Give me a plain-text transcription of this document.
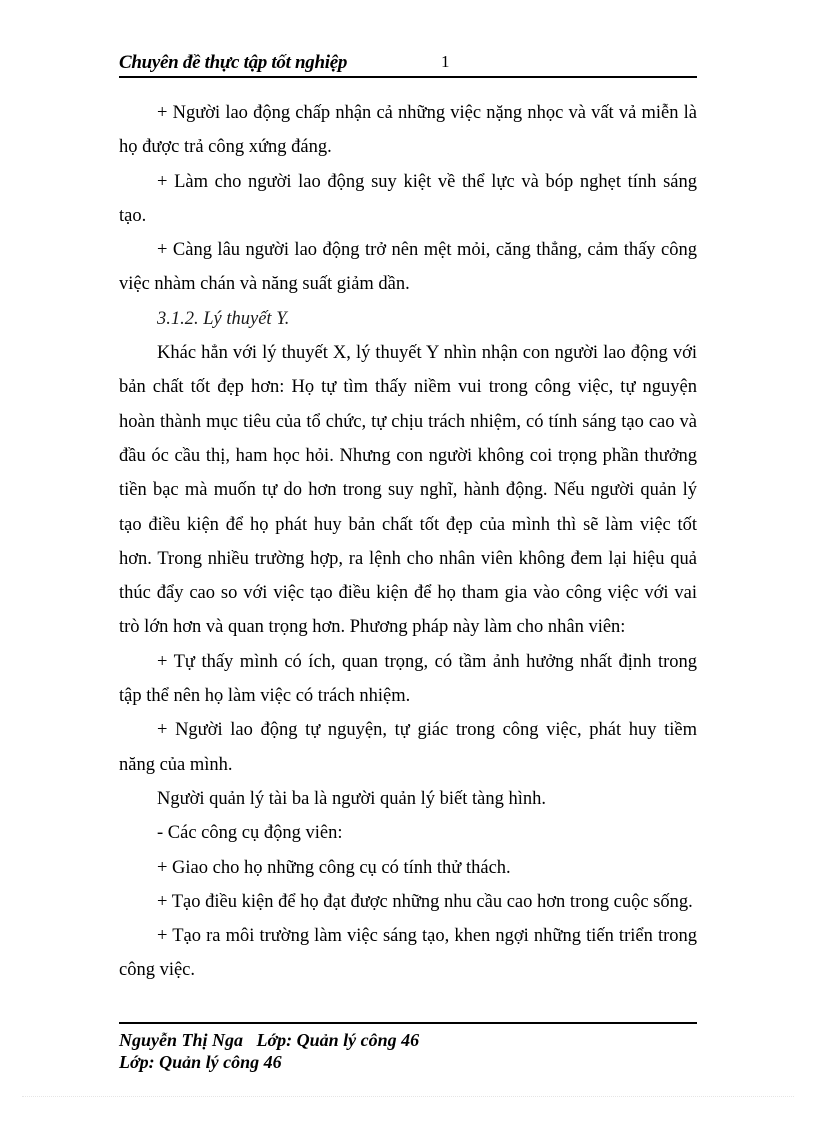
Chuyên đề thực tập tốt nghiệp	1

+ Người lao động chấp nhận cả những việc nặng nhọc và vất vả miễn là họ được trả công xứng đáng.

+ Làm cho người lao động suy kiệt về thể lực và bóp nghẹt tính sáng tạo.

+ Càng lâu người lao động trở nên mệt mỏi, căng thẳng, cảm thấy công việc nhàm chán và năng suất giảm dần.

3.1.2. Lý thuyết Y.

Khác hẳn với lý thuyết X, lý thuyết Y nhìn nhận con người lao động với bản chất tốt đẹp hơn: Họ tự tìm thấy niềm vui trong công việc, tự nguyện hoàn thành mục tiêu của tổ chức, tự chịu trách nhiệm, có tính sáng tạo cao và đầu óc cầu thị, ham học hỏi. Nhưng con người không coi trọng phần thưởng tiền bạc mà muốn tự do hơn trong suy nghĩ, hành động. Nếu người quản lý tạo điều kiện để họ phát huy bản chất tốt đẹp của mình thì sẽ làm việc tốt hơn. Trong nhiều trường hợp, ra lệnh cho nhân viên không đem lại hiệu quả thúc đẩy cao so với việc tạo điều kiện để họ tham gia vào công việc với vai trò lớn hơn và quan trọng hơn. Phương pháp này làm cho nhân viên:

+ Tự thấy mình có ích, quan trọng, có tầm ảnh hưởng nhất định trong tập thể nên họ làm việc có trách nhiệm.

+ Người lao động tự nguyện, tự giác trong công việc, phát huy tiềm năng của mình.

Người quản lý tài ba là người quản lý biết tàng hình.

- Các công cụ động viên:

+ Giao cho họ những công cụ có tính thử thách.

+ Tạo điều kiện để họ đạt được những nhu cầu cao hơn trong cuộc sống.

+ Tạo ra môi trường làm việc sáng tạo, khen ngợi những tiến triển trong công việc.

Nguyễn Thị Nga   Lớp: Quản lý công 46
Lớp: Quản lý công 46
